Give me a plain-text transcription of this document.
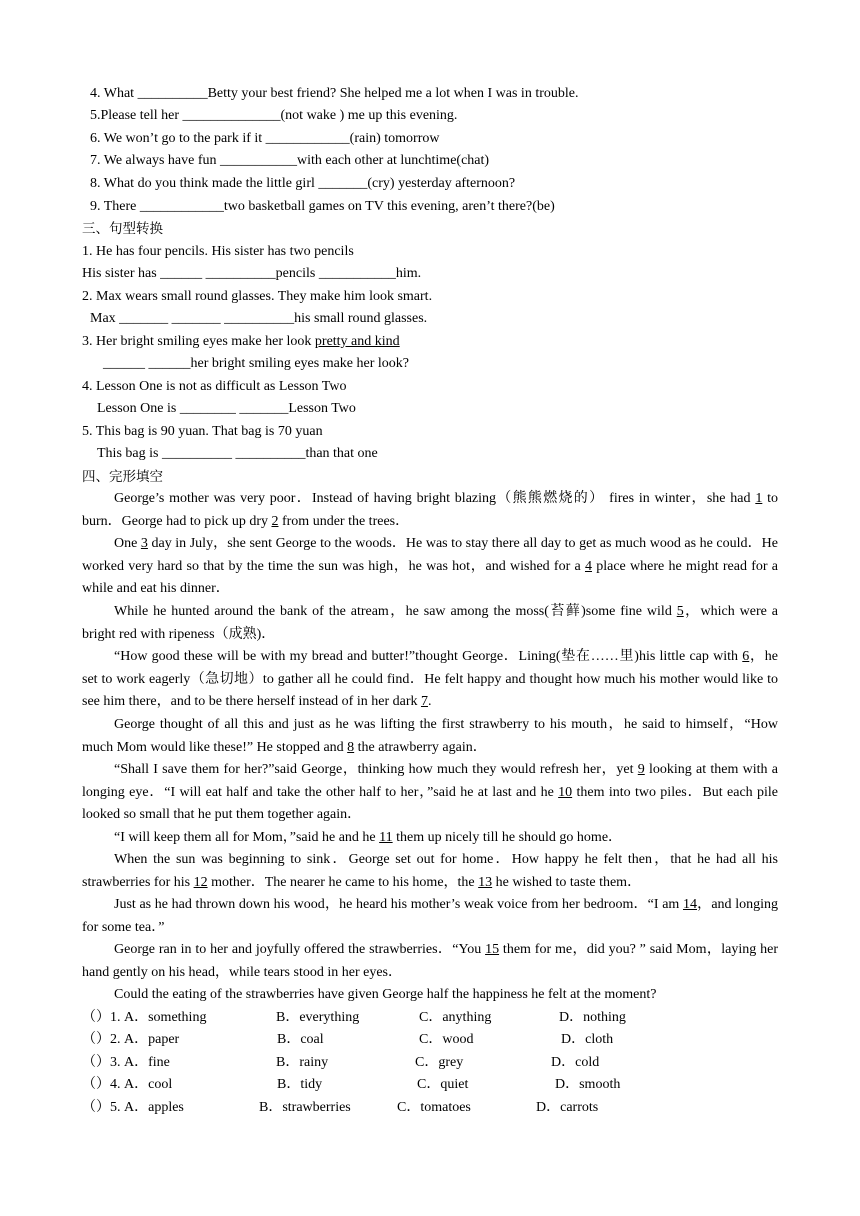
4. What __________Betty your best friend? She helped me a lot when I was in trouble.
5.Please tell her ______________(not wake ) me up this evening.
6. We won’t go to the park if it ____________(rain) tomorrow
7. We always have fun ___________with each other at lunchtime(chat)
8. What do you think made the little girl _______(cry) yesterday afternoon?
9. There ____________two basketball games on TV this evening, aren’t there?(be)
三、句型转换
1. He has four pencils. His sister has two pencils
His sister has ______ __________pencils ___________him.
2. Max wears small round glasses. They make him look smart.
Max _______ _______ __________his small round glasses.
3. Her bright smiling eyes make her look pretty and kind
______ ______her bright smiling eyes make her look?
4. Lesson One is not as difficult as Lesson Two
Lesson One is ________ _______Lesson Two
5. This bag is 90 yuan. That bag is 70 yuan
This bag is __________ __________than that one
四、完形填空

George’s mother was very poor．Instead of having bright blazing（熊熊燃烧的） fires in winter，she had 1 to burn．George had to pick up dry 2 from under the trees．

One 3 day in July，she sent George to the woods．He was to stay there all day to get as much wood as he could．He worked very hard so that by the time the sun was high，he was hot，and wished for a 4 place where he might read for a while and eat his dinner．

While he hunted around the bank of the atream，he saw among the moss(苔藓)some fine wild 5，which were a bright red with ripeness（成熟)．

“How good these will be with my bread and butter!”thought George．Lining(垫在……里)his little cap with 6，he set to work eagerly（急切地）to gather all he could find．He felt happy and thought how much his mother would like to see him there，and to be there herself instead of in her dark 7.

George thought of all this and just as he was lifting the first strawberry to his mouth，he said to himself，“How much Mom would like these!” He stopped and 8 the atrawberry again．

“Shall I save them for her?”said George，thinking how much they would refresh her，yet 9 looking at them with a longing eye．“I will eat half and take the other half to her，”said he at last and he 10 them into two piles．But each pile looked so small that he put them together again．

“I will keep them all for Mom，”said he and he 11 them up nicely till he should go home．

When the sun was beginning to sink．George set out for home．How happy he felt then，that he had all his strawberries for his 12 mother．The nearer he came to his home，the 13 he wished to taste them．

Just as he had thrown down his wood，he heard his mother’s weak voice from her bedroom．“I am 14，and longing for some tea．”

George ran in to her and joyfully offered the strawberries．“You 15 them for me，did you? ” said Mom，laying her hand gently on his head，while tears stood in her eyes．

Could the eating of the strawberries have given George half the happiness he felt at the moment?

（）1. A．something	B．everything	C．anything	D．nothing
（）2. A．paper	B．coal	C．wood	D．cloth
（）3. A．fine	B．rainy	C．grey	D．cold
（）4. A．cool	B．tidy	C．quiet	D．smooth
（）5. A．apples	B．strawberries	C．tomatoes	D．carrots
